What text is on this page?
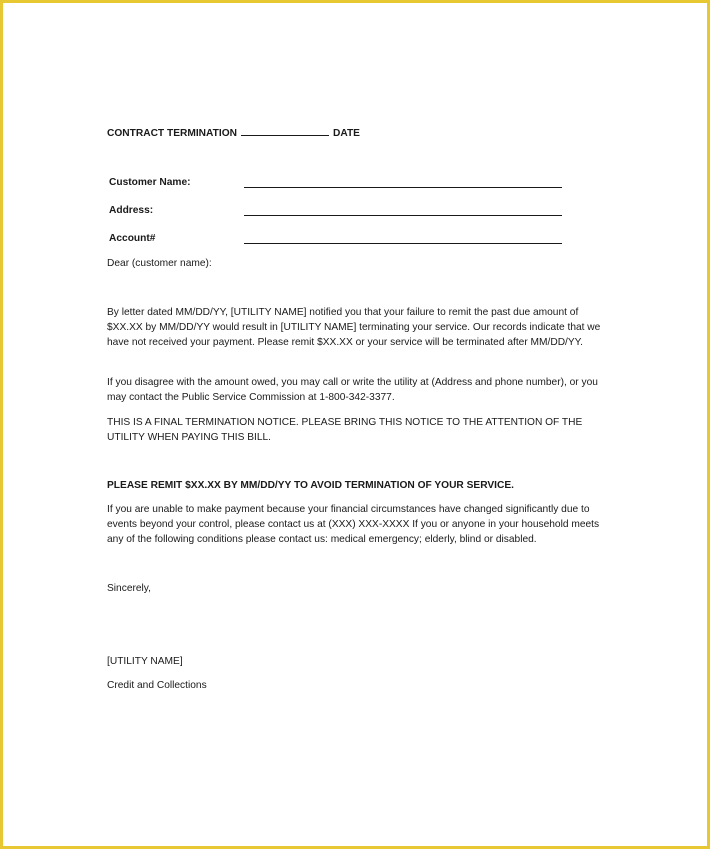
CONTRACT TERMINATION	DATE
Customer Name:
Address:
Account#
Dear (customer name):
By letter dated MM/DD/YY, [UTILITY NAME] notified you that your failure to remit the past due amount of $XX.XX by MM/DD/YY would result in [UTILITY NAME] terminating your service. Our records indicate that we have not received your payment. Please remit $XX.XX or your service will be terminated after MM/DD/YY.
If you disagree with the amount owed, you may call or write the utility at (Address and phone number), or you may contact the Public Service Commission at 1-800-342-3377.
THIS IS A FINAL TERMINATION NOTICE. PLEASE BRING THIS NOTICE TO THE ATTENTION OF THE UTILITY WHEN PAYING THIS BILL.
PLEASE REMIT $XX.XX BY MM/DD/YY TO AVOID TERMINATION OF YOUR SERVICE.
If you are unable to make payment because your financial circumstances have changed significantly due to events beyond your control, please contact us at (XXX) XXX-XXXX If you or anyone in your household meets any of the following conditions please contact us: medical emergency; elderly, blind or disabled.
Sincerely,
[UTILITY NAME]
Credit and Collections
